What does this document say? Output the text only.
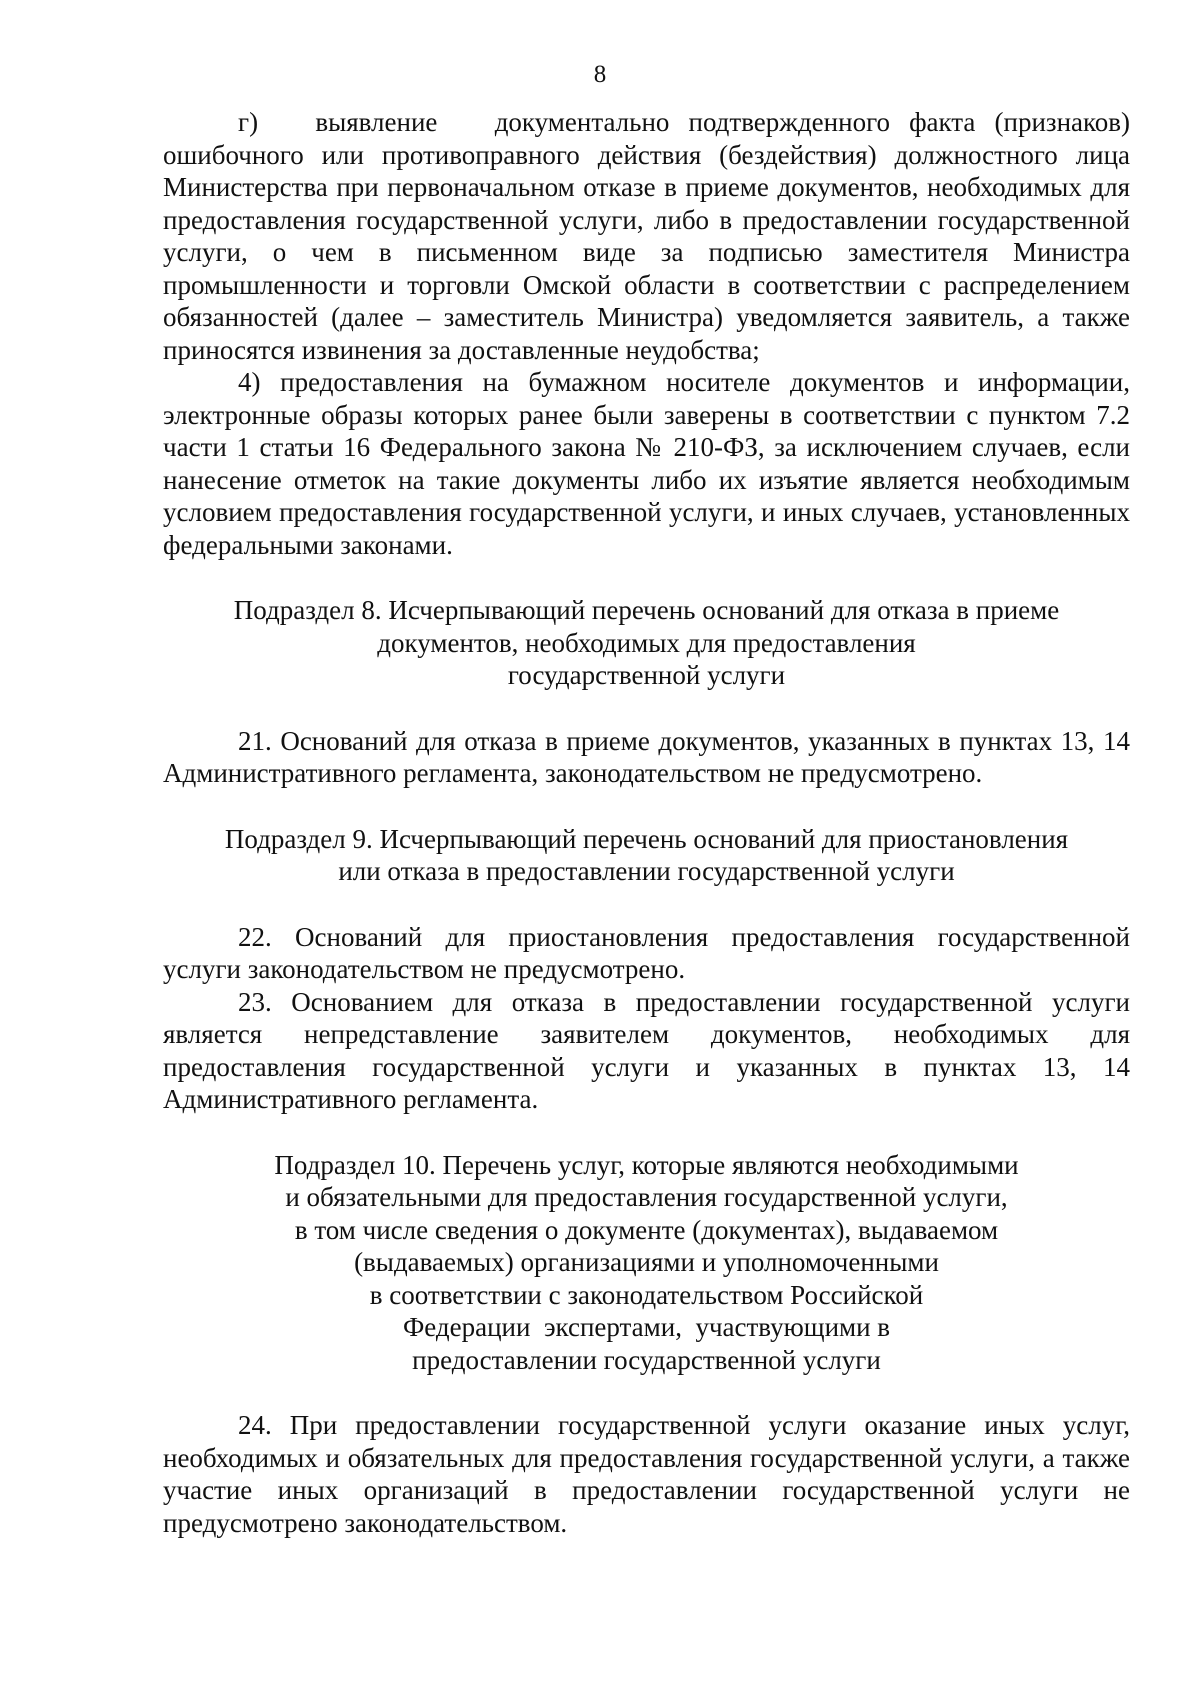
8

г)   выявление   документально подтвержденного факта (признаков) ошибочного или противоправного действия (бездействия) должностного лица Министерства при первоначальном отказе в приеме документов, необходимых для предоставления государственной услуги, либо в предоставлении государственной услуги, о чем в письменном виде за подписью заместителя Министра промышленности и торговли Омской области в соответствии с распределением обязанностей (далее – заместитель Министра) уведомляется заявитель, а также приносятся извинения за доставленные неудобства;

4) предоставления на бумажном носителе документов и информации, электронные образы которых ранее были заверены в соответствии с пунктом 7.2 части 1 статьи 16 Федерального закона № 210-ФЗ, за исключением случаев, если нанесение отметок на такие документы либо их изъятие является необходимым условием предоставления государственной услуги, и иных случаев, установленных федеральными законами.

Подраздел 8. Исчерпывающий перечень оснований для отказа в приеме
документов, необходимых для предоставления
государственной услуги

21. Оснований для отказа в приеме документов, указанных в пунктах 13, 14 Административного регламента, законодательством не предусмотрено.

Подраздел 9. Исчерпывающий перечень оснований для приостановления
или отказа в предоставлении государственной услуги

22. Оснований для приостановления предоставления государственной услуги законодательством не предусмотрено.

23. Основанием для отказа в предоставлении государственной услуги является непредставление заявителем документов, необходимых для предоставления государственной услуги и указанных в пунктах 13, 14 Административного регламента.

Подраздел 10. Перечень услуг, которые являются необходимыми
и обязательными для предоставления государственной услуги,
в том числе сведения о документе (документах), выдаваемом
(выдаваемых) организациями и уполномоченными
в соответствии с законодательством Российской
Федерации  экспертами,  участвующими в
предоставлении государственной услуги

24. При предоставлении государственной услуги оказание иных услуг, необходимых и обязательных для предоставления государственной услуги, а также участие иных организаций в предоставлении государственной услуги не предусмотрено законодательством.
